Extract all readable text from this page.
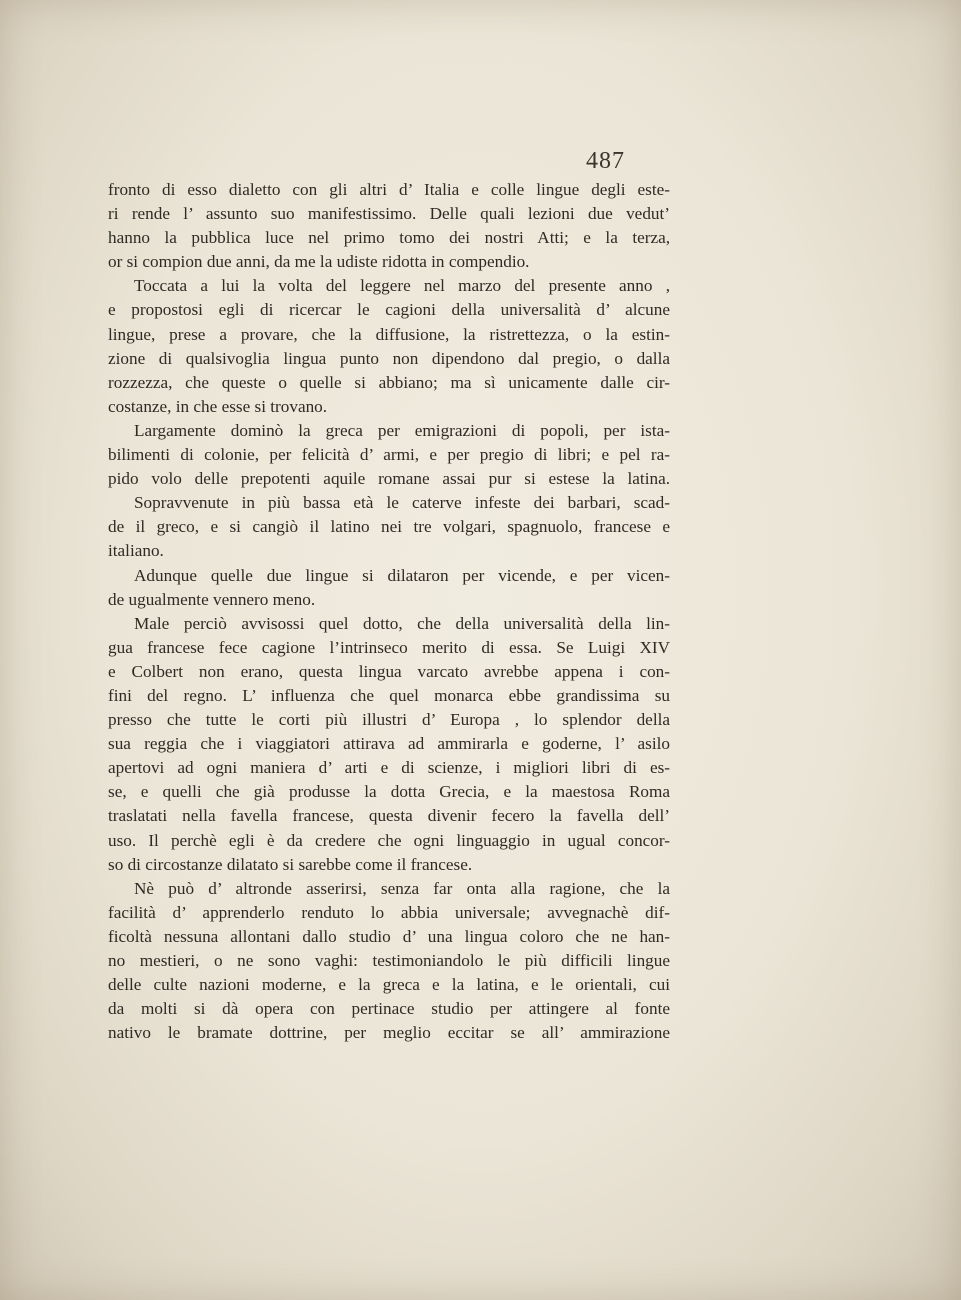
487
fronto di esso dialetto con gli altri d’ Italia e colle lingue degli este-
ri rende l’ assunto suo manifestissimo. Delle quali lezioni due vedut’
hanno la pubblica luce nel primo tomo dei nostri Atti; e la terza,
or si compion due anni, da me la udiste ridotta in compendio.
Toccata a lui la volta del leggere nel marzo del presente anno ,
e propostosi egli di ricercar le cagioni della universalità d’ alcune
lingue, prese a provare, che la diffusione, la ristrettezza, o la estin-
zione di qualsivoglia lingua punto non dipendono dal pregio, o dalla
rozzezza, che queste o quelle si abbiano; ma sì unicamente dalle cir-
costanze, in che esse si trovano.
Largamente dominò la greca per emigrazioni di popoli, per ista-
bilimenti di colonie, per felicità d’ armi, e per pregio di libri; e pel ra-
pido volo delle prepotenti aquile romane assai pur si estese la latina.
Sopravvenute in più bassa età le caterve infeste dei barbari, scad-
de il greco, e si cangiò il latino nei tre volgari, spagnuolo, francese e
italiano.
Adunque quelle due lingue si dilataron per vicende, e per vicen-
de ugualmente vennero meno.
Male perciò avvisossi quel dotto, che della universalità della lin-
gua francese fece cagione l’intrinseco merito di essa. Se Luigi XIV
e Colbert non erano, questa lingua varcato avrebbe appena i con-
fini del regno. L’ influenza che quel monarca ebbe grandissima su
presso che tutte le corti più illustri d’ Europa , lo splendor della
sua reggia che i viaggiatori attirava ad ammirarla e goderne, l’ asilo
apertovi ad ogni maniera d’ arti e di scienze, i migliori libri di es-
se, e quelli che già produsse la dotta Grecia, e la maestosa Roma
traslatati nella favella francese, questa divenir fecero la favella dell’
uso. Il perchè egli è da credere che ogni linguaggio in ugual concor-
so di circostanze dilatato si sarebbe come il francese.
Nè può d’ altronde asserirsi, senza far onta alla ragione, che la
facilità d’ apprenderlo renduto lo abbia universale; avvegnachè dif-
ficoltà nessuna allontani dallo studio d’ una lingua coloro che ne han-
no mestieri, o ne sono vaghi: testimoniandolo le più difficili lingue
delle culte nazioni moderne, e la greca e la latina, e le orientali, cui
da molti si dà opera con pertinace studio per attingere al fonte
nativo le bramate dottrine, per meglio eccitar se all’ ammirazione
